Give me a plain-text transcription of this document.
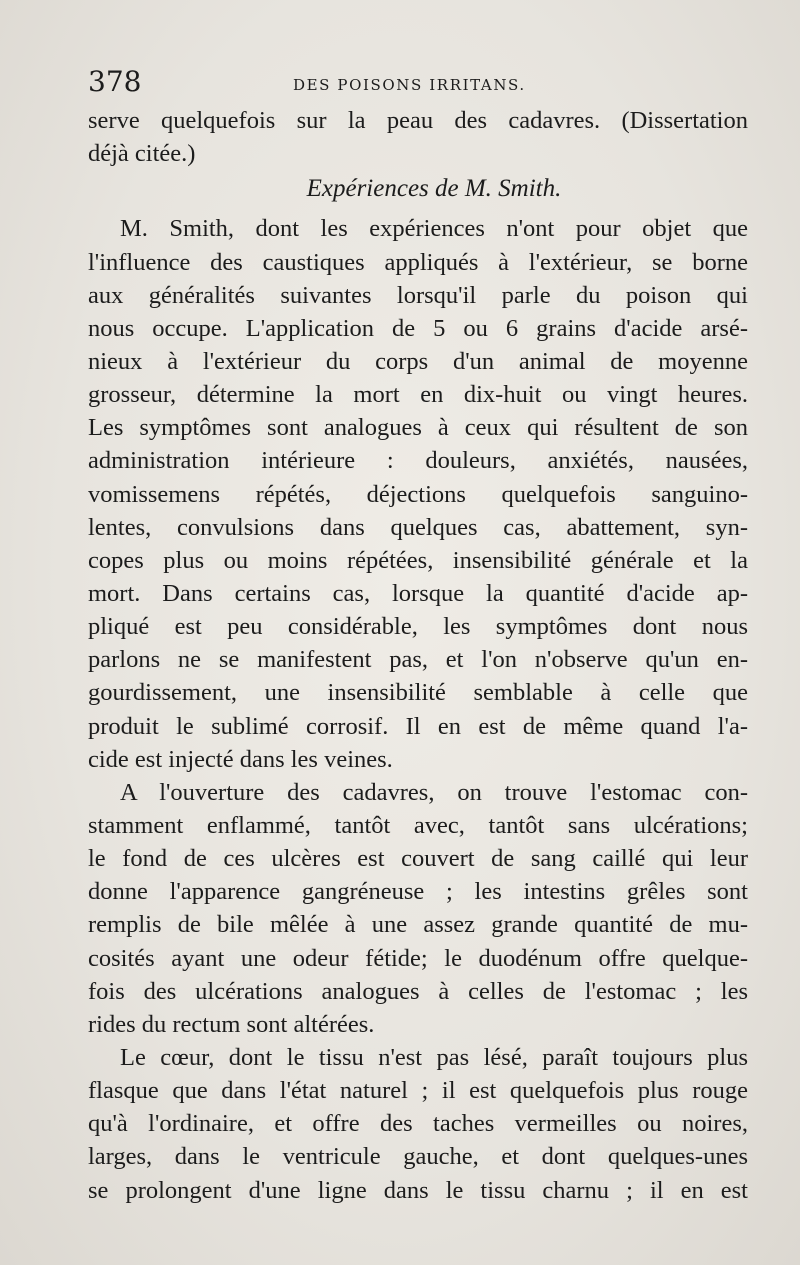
378	DES POISONS IRRITANS.
serve quelquefois sur la peau des cadavres. (Dissertation
déjà citée.)
Expériences de M. Smith.
M. Smith, dont les expériences n'ont pour objet que
l'influence des caustiques appliqués à l'extérieur, se borne
aux généralités suivantes lorsqu'il parle du poison qui
nous occupe. L'application de 5 ou 6 grains d'acide arsé-
nieux à l'extérieur du corps d'un animal de moyenne
grosseur, détermine la mort en dix-huit ou vingt heures.
Les symptômes sont analogues à ceux qui résultent de son
administration intérieure : douleurs, anxiétés, nausées,
vomissemens répétés, déjections quelquefois sanguino-
lentes, convulsions dans quelques cas, abattement, syn-
copes plus ou moins répétées, insensibilité générale et la
mort. Dans certains cas, lorsque la quantité d'acide ap-
pliqué est peu considérable, les symptômes dont nous
parlons ne se manifestent pas, et l'on n'observe qu'un en-
gourdissement, une insensibilité semblable à celle que
produit le sublimé corrosif. Il en est de même quand l'a-
cide est injecté dans les veines.
A l'ouverture des cadavres, on trouve l'estomac con-
stamment enflammé, tantôt avec, tantôt sans ulcérations;
le fond de ces ulcères est couvert de sang caillé qui leur
donne l'apparence gangréneuse ; les intestins grêles sont
remplis de bile mêlée à une assez grande quantité de mu-
cosités ayant une odeur fétide; le duodénum offre quelque-
fois des ulcérations analogues à celles de l'estomac ; les
rides du rectum sont altérées.
Le cœur, dont le tissu n'est pas lésé, paraît toujours plus
flasque que dans l'état naturel ; il est quelquefois plus rouge
qu'à l'ordinaire, et offre des taches vermeilles ou noires,
larges, dans le ventricule gauche, et dont quelques-unes
se prolongent d'une ligne dans le tissu charnu ; il en est
